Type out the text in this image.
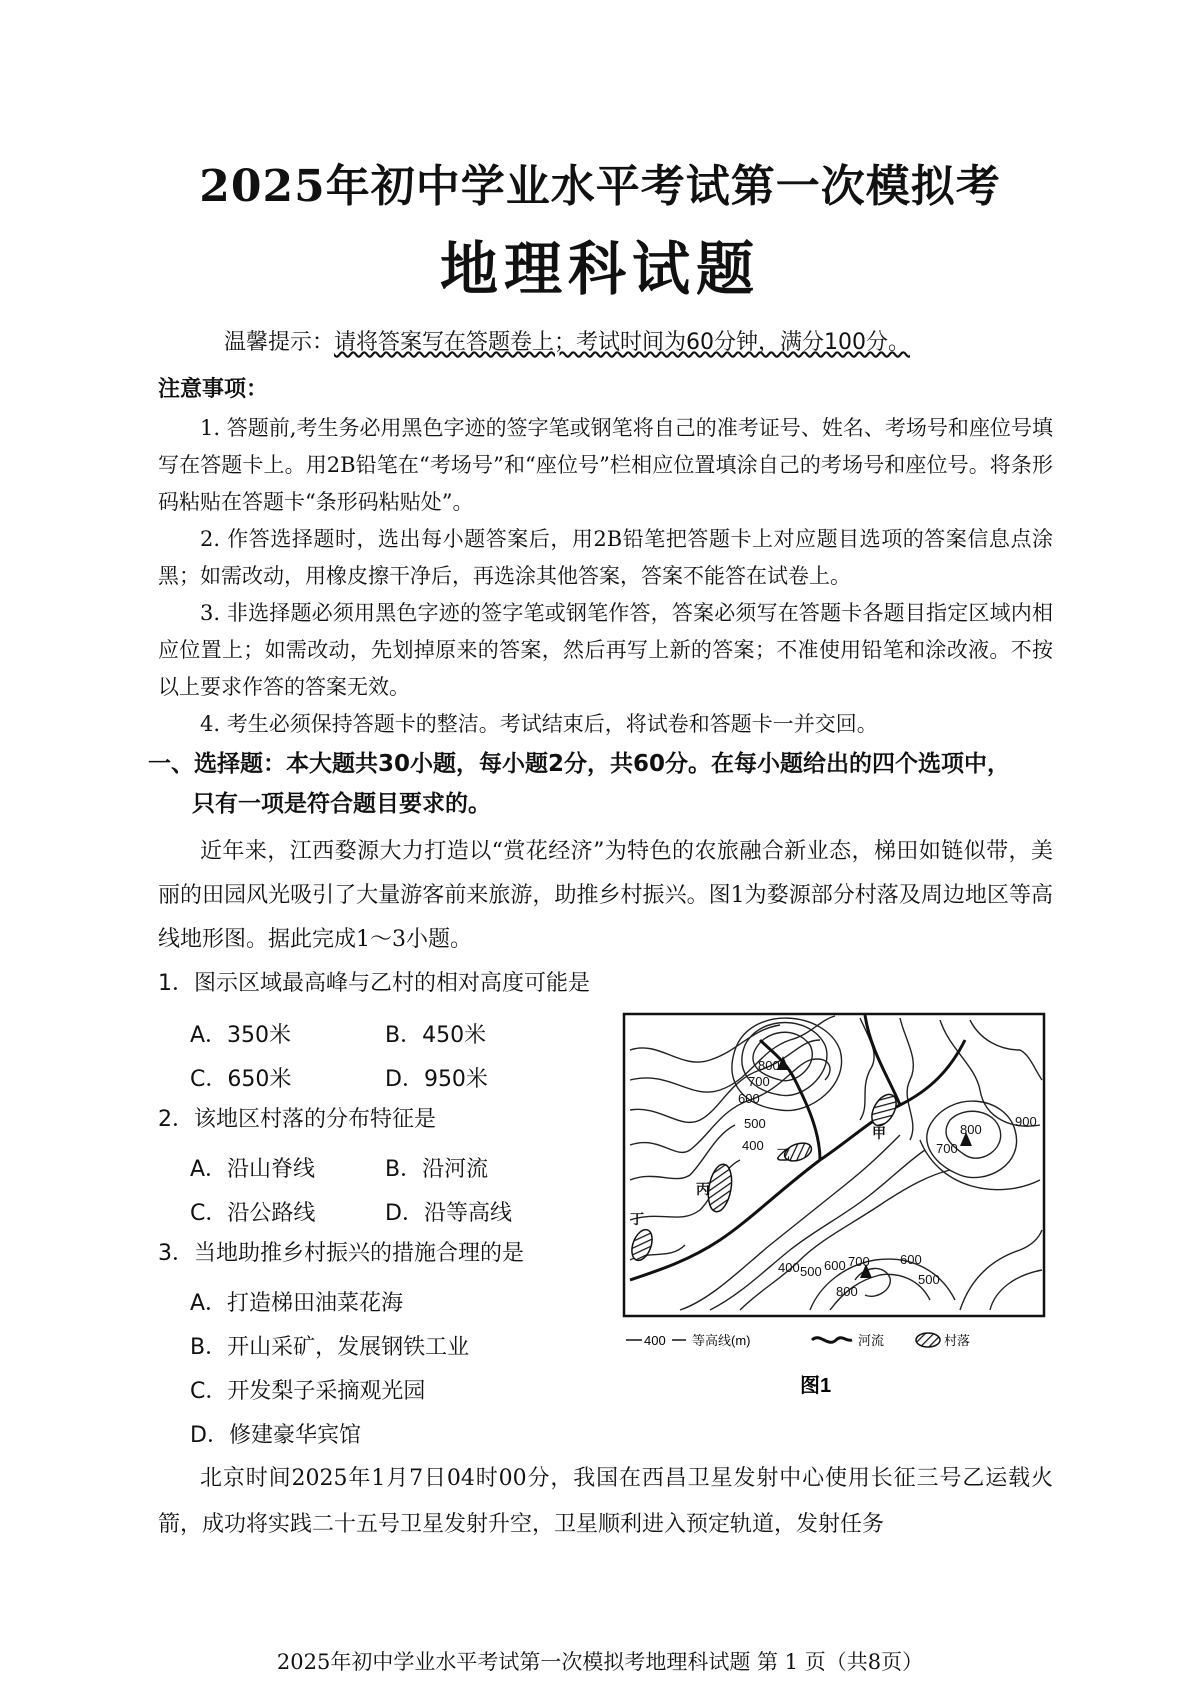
2025年初中学业水平考试第一次模拟考
地理科试题
温馨提示：请将答案写在答题卷上；考试时间为60分钟，满分100分。
注意事项：
1. 答题前,考生务必用黑色字迹的签字笔或钢笔将自己的准考证号、姓名、考场号和座位号填写在答题卡上。用2B铅笔在“考场号”和“座位号”栏相应位置填涂自己的考场号和座位号。将条形码粘贴在答题卡“条形码粘贴处”。
2. 作答选择题时，选出每小题答案后，用2B铅笔把答题卡上对应题目选项的答案信息点涂黑；如需改动，用橡皮擦干净后，再选涂其他答案，答案不能答在试卷上。
3. 非选择题必须用黑色字迹的签字笔或钢笔作答，答案必须写在答题卡各题目指定区域内相应位置上；如需改动，先划掉原来的答案，然后再写上新的答案；不准使用铅笔和涂改液。不按以上要求作答的答案无效。
4. 考生必须保持答题卡的整洁。考试结束后，将试卷和答题卡一并交回。
一、选择题：本大题共30小题，每小题2分，共60分。在每小题给出的四个选项中，
只有一项是符合题目要求的。
近年来，江西婺源大力打造以“赏花经济”为特色的农旅融合新业态，梯田如链似带，美丽的田园风光吸引了大量游客前来旅游，助推乡村振兴。图1为婺源部分村落及周边地区等高线地形图。据此完成1～3小题。
1．图示区域最高峰与乙村的相对高度可能是
A．350米	B．450米
C．650米	D．950米
2．该地区村落的分布特征是
A．沿山脊线	B．沿河流
C．沿公路线	D．沿等高线
3．当地助推乡村振兴的措施合理的是
A．打造梯田油菜花海
B．开山采矿，发展钢铁工业
C．开发梨子采摘观光园
D．修建豪华宾馆
800
700
600
500
400
900
700
800
400 500 600 700
800
600
500
甲
乙
丙
丁
400 等高线(m)	河流	村落
图1
北京时间2025年1月7日04时00分，我国在西昌卫星发射中心使用长征三号乙运载火箭，成功将实践二十五号卫星发射升空，卫星顺利进入预定轨道，发射任务
2025年初中学业水平考试第一次模拟考地理科试题 第 1 页（共8页）
